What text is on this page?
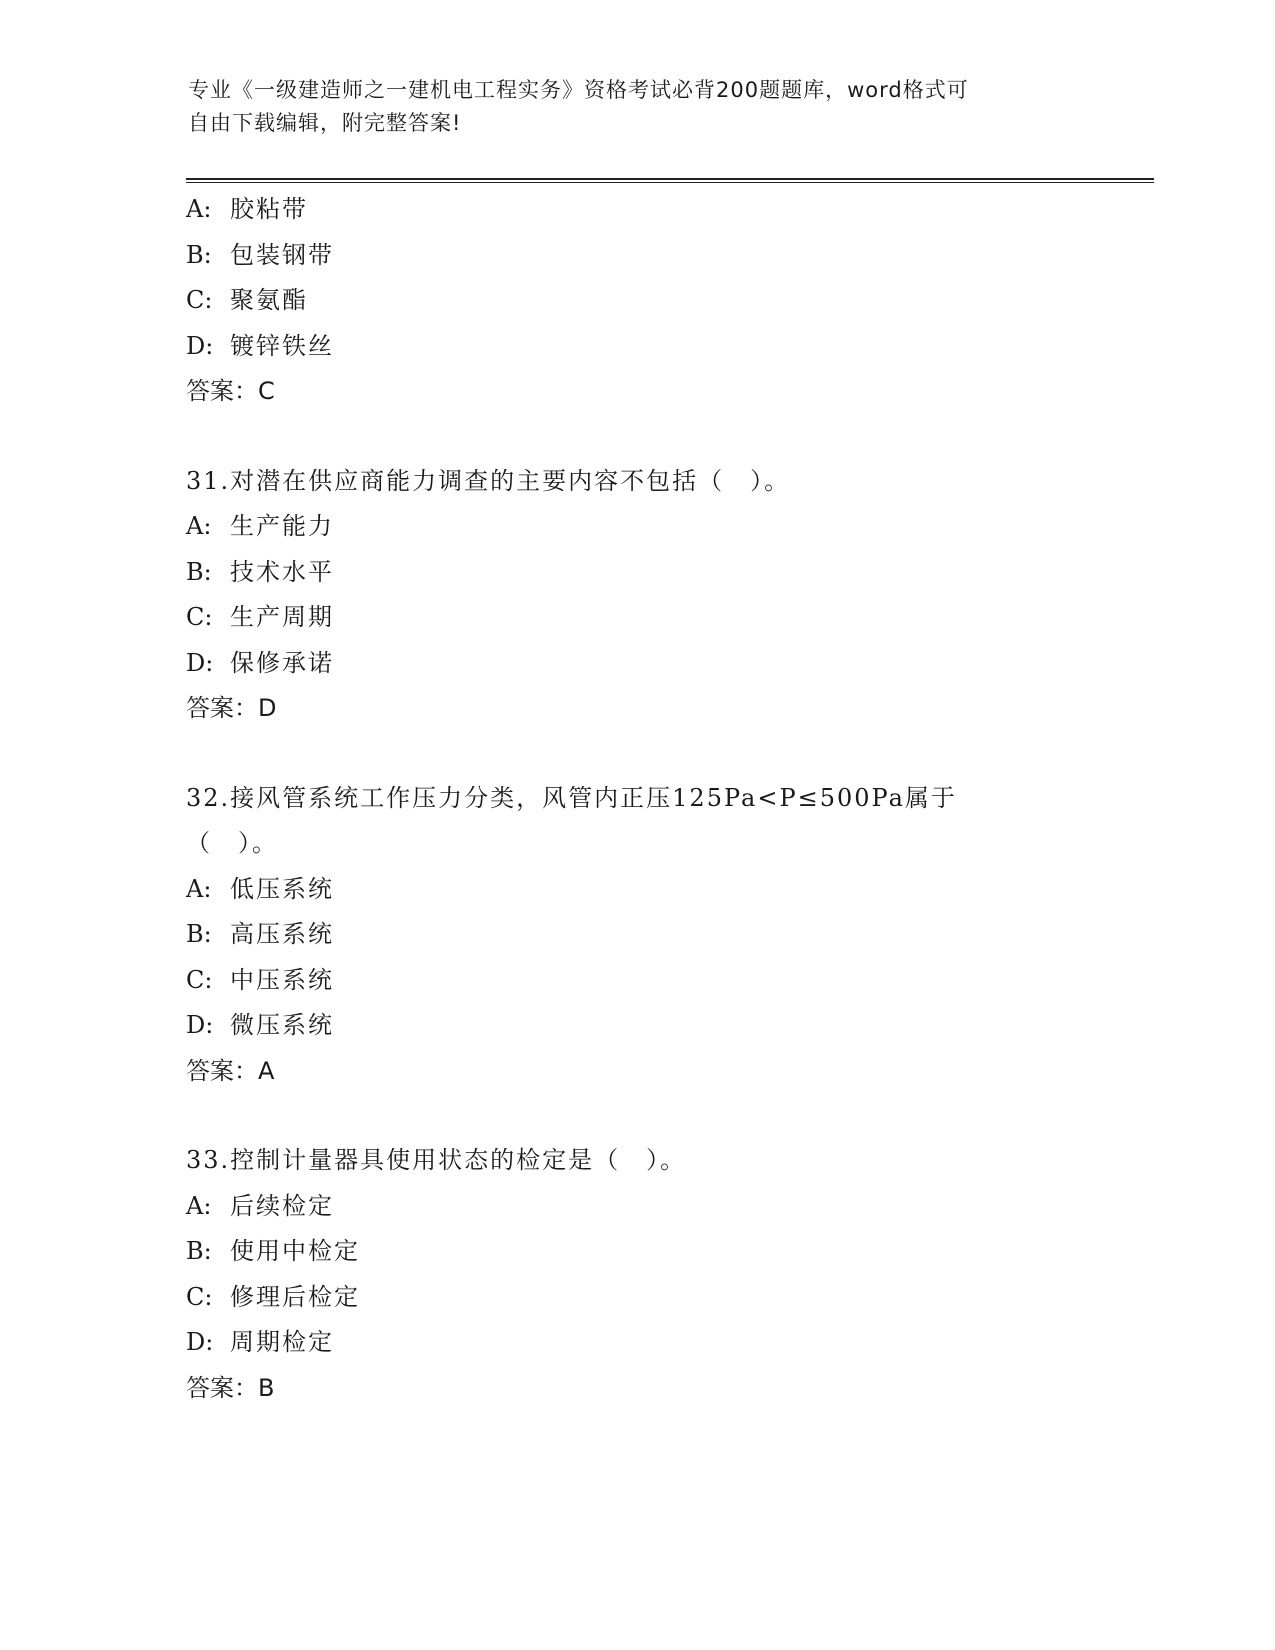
专业《一级建造师之一建机电工程实务》资格考试必背200题题库，word格式可
自由下载编辑，附完整答案!
A: 胶粘带
B: 包装钢带
C: 聚氨酯
D: 镀锌铁丝
答案：C
31.对潜在供应商能力调查的主要内容不包括（　）。
A: 生产能力
B: 技术水平
C: 生产周期
D: 保修承诺
答案：D
32.接风管系统工作压力分类，风管内正压125Pa<P≤500Pa属于（　）。
A: 低压系统
B: 高压系统
C: 中压系统
D: 微压系统
答案：A
33.控制计量器具使用状态的检定是（　）。
A: 后续检定
B: 使用中检定
C: 修理后检定
D: 周期检定
答案：B
